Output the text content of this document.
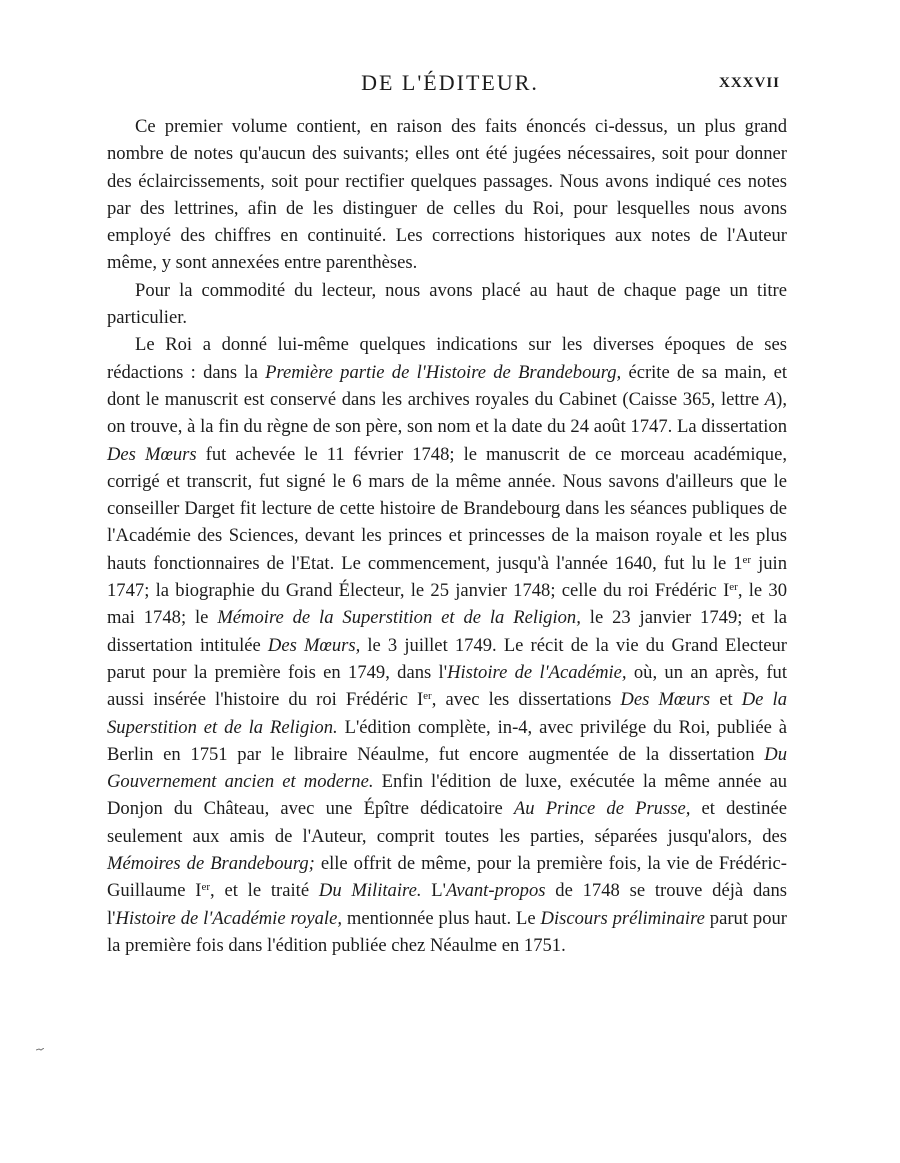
DE L'ÉDITEUR.	XXXVII

Ce premier volume contient, en raison des faits énoncés ci-dessus, un plus grand nombre de notes qu'aucun des suivants; elles ont été jugées nécessaires, soit pour donner des éclaircissements, soit pour rectifier quelques passages. Nous avons indiqué ces notes par des lettrines, afin de les distinguer de celles du Roi, pour lesquelles nous avons employé des chiffres en continuité. Les corrections historiques aux notes de l'Auteur même, y sont annexées entre parenthèses.

Pour la commodité du lecteur, nous avons placé au haut de chaque page un titre particulier.

Le Roi a donné lui-même quelques indications sur les diverses époques de ses rédactions : dans la Première partie de l'Histoire de Brandebourg, écrite de sa main, et dont le manuscrit est conservé dans les archives royales du Cabinet (Caisse 365, lettre A), on trouve, à la fin du règne de son père, son nom et la date du 24 août 1747. La dissertation Des Mœurs fut achevée le 11 février 1748; le manuscrit de ce morceau académique, corrigé et transcrit, fut signé le 6 mars de la même année. Nous savons d'ailleurs que le conseiller Darget fit lecture de cette histoire de Brandebourg dans les séances publiques de l'Académie des Sciences, devant les princes et princesses de la maison royale et les plus hauts fonctionnaires de l'Etat. Le commencement, jusqu'à l'année 1640, fut lu le 1er juin 1747; la biographie du Grand Électeur, le 25 janvier 1748; celle du roi Frédéric Ier, le 30 mai 1748; le Mémoire de la Superstition et de la Religion, le 23 janvier 1749; et la dissertation intitulée Des Mœurs, le 3 juillet 1749. Le récit de la vie du Grand Electeur parut pour la première fois en 1749, dans l'Histoire de l'Académie, où, un an après, fut aussi insérée l'histoire du roi Frédéric Ier, avec les dissertations Des Mœurs et De la Superstition et de la Religion. L'édition complète, in-4, avec privilége du Roi, publiée à Berlin en 1751 par le libraire Néaulme, fut encore augmentée de la dissertation Du Gouvernement ancien et moderne. Enfin l'édition de luxe, exécutée la même année au Donjon du Château, avec une Épître dédicatoire Au Prince de Prusse, et destinée seulement aux amis de l'Auteur, comprit toutes les parties, séparées jusqu'alors, des Mémoires de Brandebourg; elle offrit de même, pour la première fois, la vie de Frédéric-Guillaume Ier, et le traité Du Militaire. L'Avant-propos de 1748 se trouve déjà dans l'Histoire de l'Académie royale, mentionnée plus haut. Le Discours préliminaire parut pour la première fois dans l'édition publiée chez Néaulme en 1751.
